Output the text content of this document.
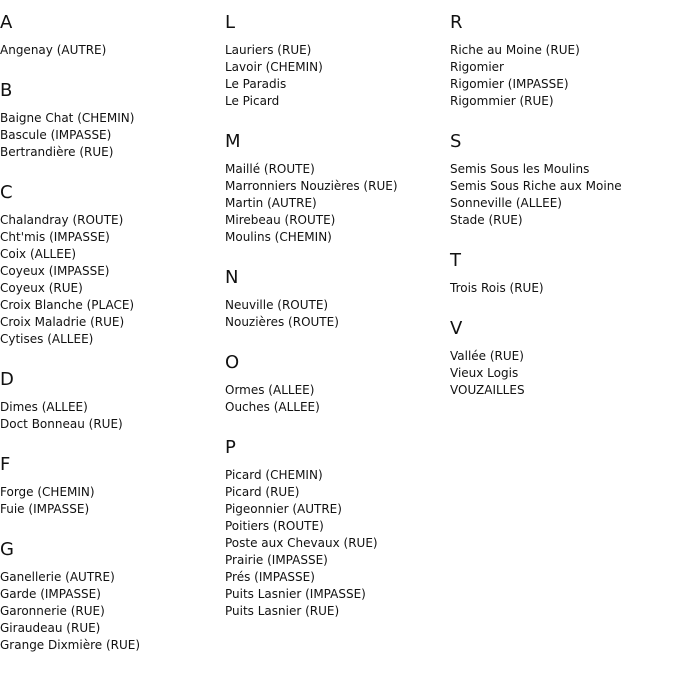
A
Angenay (AUTRE)
B
Baigne Chat (CHEMIN)
Bascule (IMPASSE)
Bertrandière (RUE)
C
Chalandray (ROUTE)
Cht'mis (IMPASSE)
Coix (ALLEE)
Coyeux (IMPASSE)
Coyeux (RUE)
Croix Blanche (PLACE)
Croix Maladrie (RUE)
Cytises (ALLEE)
D
Dimes (ALLEE)
Doct Bonneau (RUE)
F
Forge (CHEMIN)
Fuie (IMPASSE)
G
Ganellerie (AUTRE)
Garde (IMPASSE)
Garonnerie (RUE)
Giraudeau (RUE)
Grange Dixmière (RUE)
L
Lauriers (RUE)
Lavoir (CHEMIN)
Le Paradis
Le Picard
M
Maillé (ROUTE)
Marronniers Nouzières (RUE)
Martin (AUTRE)
Mirebeau (ROUTE)
Moulins (CHEMIN)
N
Neuville (ROUTE)
Nouzières (ROUTE)
O
Ormes (ALLEE)
Ouches (ALLEE)
P
Picard (CHEMIN)
Picard (RUE)
Pigeonnier (AUTRE)
Poitiers (ROUTE)
Poste aux Chevaux (RUE)
Prairie (IMPASSE)
Prés (IMPASSE)
Puits Lasnier (IMPASSE)
Puits Lasnier (RUE)
R
Riche au Moine (RUE)
Rigomier
Rigomier (IMPASSE)
Rigommier (RUE)
S
Semis Sous les Moulins
Semis Sous Riche aux Moine
Sonneville (ALLEE)
Stade (RUE)
T
Trois Rois (RUE)
V
Vallée (RUE)
Vieux Logis
VOUZAILLES
